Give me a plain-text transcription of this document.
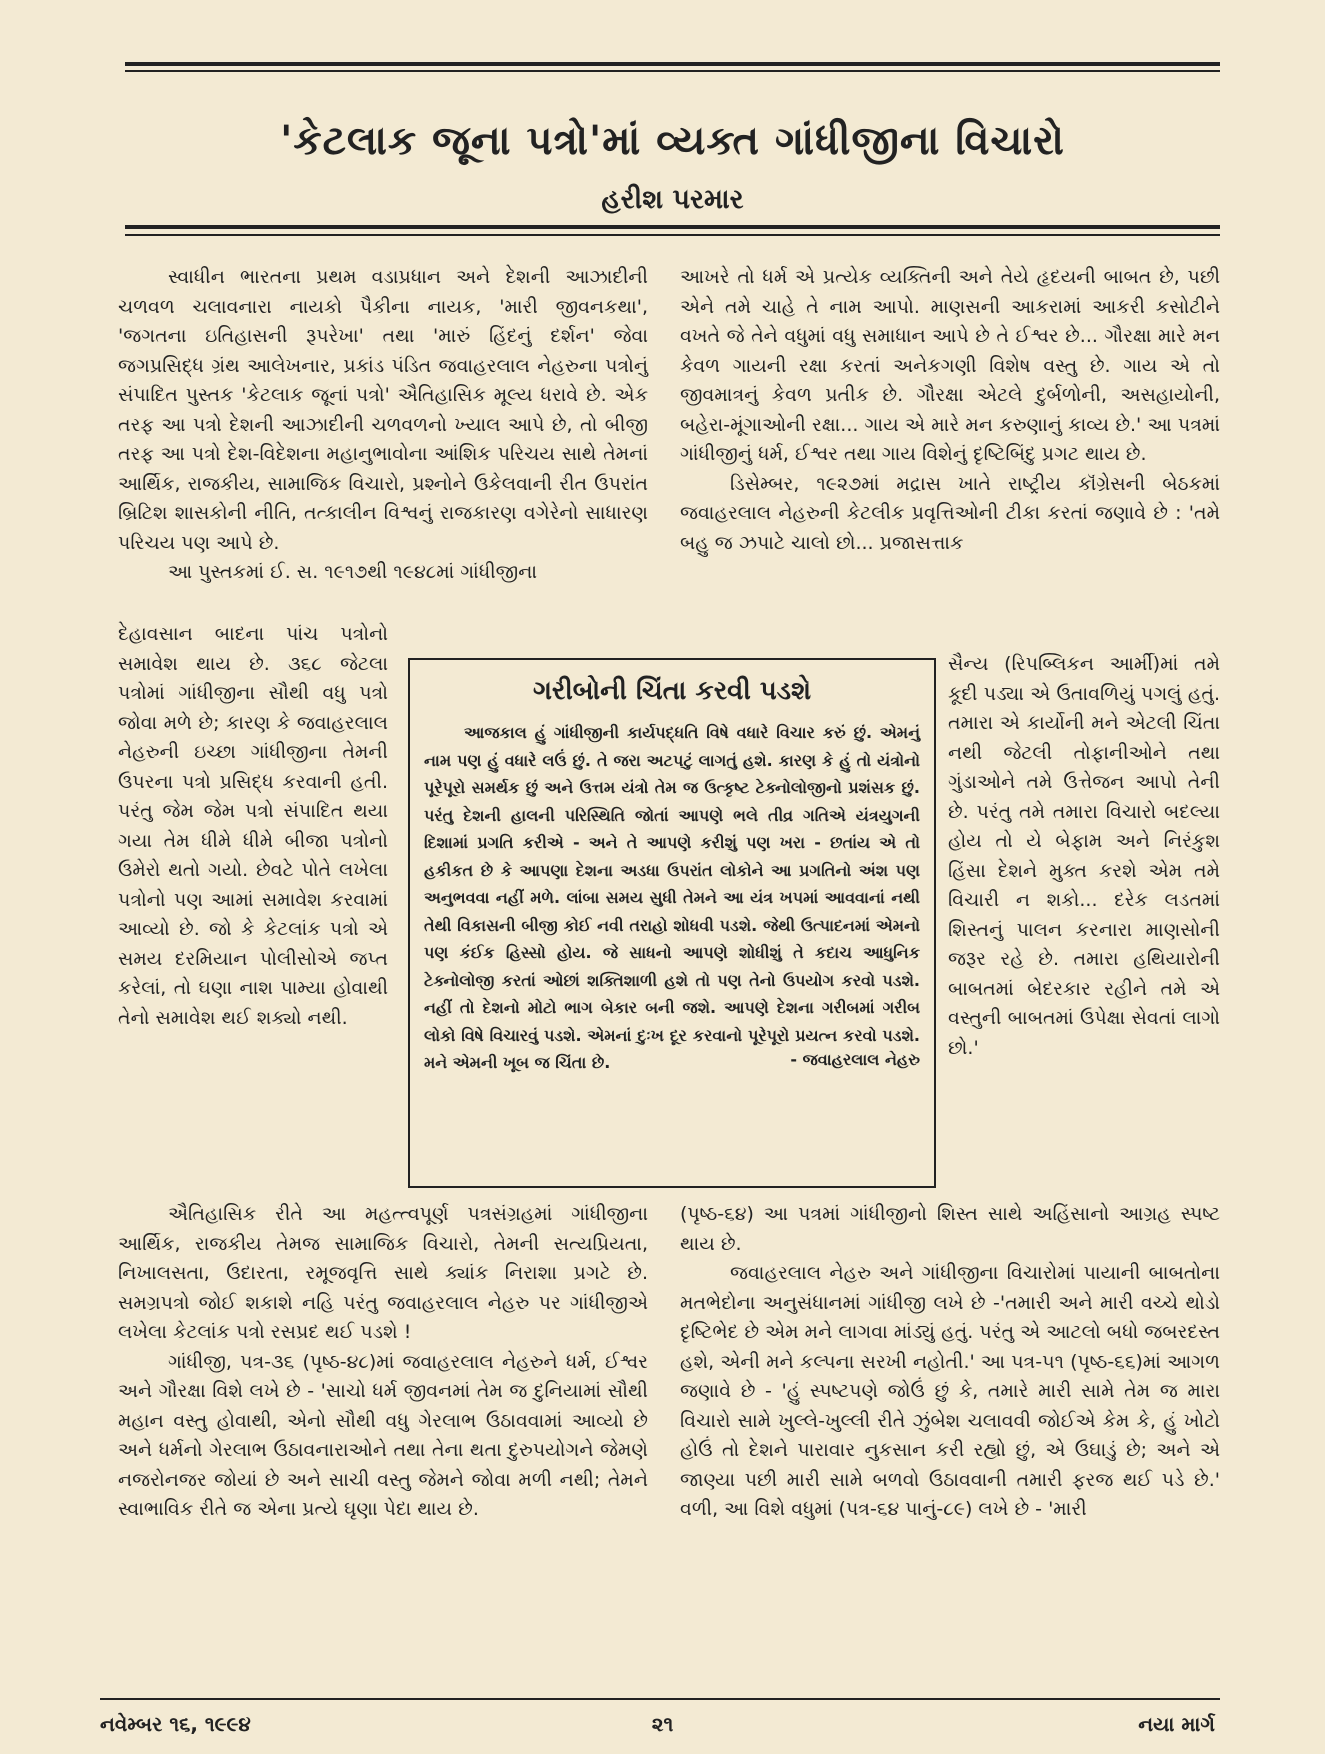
'કેટલાક જૂના પત્રો'માં વ્યક્ત ગાંધીજીના વિચારો
હરીશ પરમાર

સ્વાધીન ભારતના પ્રથમ વડાપ્રધાન અને દેશની આઝાદીની ચળવળ ચલાવનારા નાયકો પૈકીના નાયક, 'મારી જીવનકથા', 'જગતના ઇતિહાસની રૂપરેખા' તથા 'મારું હિંદનું દર્શન' જેવા જગપ્રસિદ્ધ ગ્રંથ આલેખનાર, પ્રકાંડ પંડિત જવાહરલાલ નેહરુના પત્રોનું સંપાદિત પુસ્તક 'કેટલાક જૂનાં પત્રો' ઐતિહાસિક મૂલ્ય ધરાવે છે. એક તરફ આ પત્રો દેશની આઝાદીની ચળવળનો ખ્યાલ આપે છે, તો બીજી તરફ આ પત્રો દેશ-વિદેશના મહાનુભાવોના આંશિક પરિચય સાથે તેમનાં આર્થિક, રાજકીય, સામાજિક વિચારો, પ્રશ્નોને ઉકેલવાની રીત ઉપરાંત બ્રિટિશ શાસકોની નીતિ, તત્કાલીન વિશ્વનું રાજકારણ વગેરેનો સાધારણ પરિચય પણ આપે છે.

આ પુસ્તકમાં ઈ. સ. ૧૯૧૭થી ૧૯૪૮માં ગાંધીજીના

દેહાવસાન બાદના પાંચ પત્રોનો સમાવેશ થાય છે. ૩૬૮ જેટલા પત્રોમાં ગાંધીજીના સૌથી વધુ પત્રો જોવા મળે છે; કારણ કે જવાહરલાલ નેહરુની ઇચ્છા ગાંધીજીના તેમની ઉપરના પત્રો પ્રસિદ્ધ કરવાની હતી. પરંતુ જેમ જેમ પત્રો સંપાદિત થયા ગયા તેમ ધીમે ધીમે બીજા પત્રોનો ઉમેરો થતો ગયો. છેવટે પોતે લખેલા પત્રોનો પણ આમાં સમાવેશ કરવામાં આવ્યો છે. જો કે કેટલાંક પત્રો એ સમય દરમિયાન પોલીસોએ જપ્ત કરેલાં, તો ઘણા નાશ પામ્યા હોવાથી તેનો સમાવેશ થઈ શક્યો નથી.

આખરે તો ધર્મ એ પ્રત્યેક વ્યક્તિની અને તેયે હૃદયની બાબત છે, પછી એને તમે ચાહે તે નામ આપો. માણસની આકરામાં આકરી કસોટીને વખતે જે તેને વધુમાં વધુ સમાધાન આપે છે તે ઈશ્વર છે... ગૌરક્ષા મારે મન કેવળ ગાયની રક્ષા કરતાં અનેકગણી વિશેષ વસ્તુ છે. ગાય એ તો જીવમાત્રનું કેવળ પ્રતીક છે. ગૌરક્ષા એટલે દુર્બળોની, અસહાયોની, બહેરા-મૂંગાઓની રક્ષા... ગાય એ મારે મન કરુણાનું કાવ્ય છે.' આ પત્રમાં ગાંધીજીનું ધર્મ, ઈશ્વર તથા ગાય વિશેનું દૃષ્ટિબિંદુ પ્રગટ થાય છે.

ડિસેમ્બર, ૧૯૨૭માં મદ્રાસ ખાતે રાષ્ટ્રીય કૉંગ્રેસની બેઠકમાં જવાહરલાલ નેહરુની કેટલીક પ્રવૃત્તિઓની ટીકા કરતાં જણાવે છે : 'તમે બહુ જ ઝપાટે ચાલો છો... પ્રજાસત્તાક

સૈન્ય (રિપબ્લિકન આર્મી)માં તમે કૂદી પડ્યા એ ઉતાવળિયું પગલું હતું. તમારા એ કાર્યોની મને એટલી ચિંતા નથી જેટલી તોફાનીઓને તથા ગુંડાઓને તમે ઉત્તેજન આપો તેની છે. પરંતુ તમે તમારા વિચારો બદલ્યા હોય તો યે બેફામ અને નિરંકુશ હિંસા દેશને મુક્ત કરશે એમ તમે વિચારી ન શકો... દરેક લડતમાં શિસ્તનું પાલન કરનારા માણસોની જરૂર રહે છે. તમારા હથિયારોની બાબતમાં બેદરકાર રહીને તમે એ વસ્તુની બાબતમાં ઉપેક્ષા સેવતાં લાગો છો.'

ગરીબોની ચિંતા કરવી પડશે

આજકાલ હું ગાંધીજીની કાર્યપદ્ધતિ વિષે વધારે વિચાર કરું છું. એમનું નામ પણ હું વધારે લઉં છું. તે જરા અટપટું લાગતું હશે. કારણ કે હું તો યંત્રોનો પૂરેપૂરો સમર્થક છું અને ઉત્તમ યંત્રો તેમ જ ઉત્કૃષ્ટ ટેક્નોલોજીનો પ્રશંસક છું. પરંતુ દેશની હાલની પરિસ્થિતિ જોતાં આપણે ભલે તીવ્ર ગતિએ યંત્રયુગની દિશામાં પ્રગતિ કરીએ - અને તે આપણે કરીશું પણ ખરા - છતાંય એ તો હકીકત છે કે આપણા દેશના અડધા ઉપરાંત લોકોને આ પ્રગતિનો અંશ પણ અનુભવવા નહીં મળે. લાંબા સમય સુધી તેમને આ યંત્ર ખપમાં આવવાનાં નથી તેથી વિકાસની બીજી કોઈ નવી તરાહો શોધવી પડશે. જેથી ઉત્પાદનમાં એમનો પણ કંઈક હિસ્સો હોય. જે સાધનો આપણે શોધીશું તે કદાચ આધુનિક ટેક્નોલોજી કરતાં ઓછાં શક્તિશાળી હશે તો પણ તેનો ઉપયોગ કરવો પડશે. નહીં તો દેશનો મોટો ભાગ બેકાર બની જશે. આપણે દેશના ગરીબમાં ગરીબ લોકો વિષે વિચારવું પડશે. એમનાં દુઃખ દૂર કરવાનો પૂરેપૂરો પ્રયત્ન કરવો પડશે. મને એમની ખૂબ જ ચિંતા છે.	- જવાહરલાલ નેહરુ

ઐતિહાસિક રીતે આ મહત્ત્વપૂર્ણ પત્રસંગ્રહમાં ગાંધીજીના આર્થિક, રાજકીય તેમજ સામાજિક વિચારો, તેમની સત્યપ્રિયતા, નિખાલસતા, ઉદારતા, રમૂજવૃત્તિ સાથે ક્યાંક નિરાશા પ્રગટે છે. સમગ્રપત્રો જોઈ શકાશે નહિ પરંતુ જવાહરલાલ નેહરુ પર ગાંધીજીએ લખેલા કેટલાંક પત્રો રસપ્રદ થઈ પડશે !

ગાંધીજી, પત્ર-૩૬ (પૃષ્ઠ-૪૮)માં જવાહરલાલ નેહરુને ધર્મ, ઈશ્વર અને ગૌરક્ષા વિશે લખે છે - 'સાચો ધર્મ જીવનમાં તેમ જ દુનિયામાં સૌથી મહાન વસ્તુ હોવાથી, એનો સૌથી વધુ ગેરલાભ ઉઠાવવામાં આવ્યો છે અને ધર્મનો ગેરલાભ ઉઠાવનારાઓને તથા તેના થતા દુરુપયોગને જેમણે નજરોનજર જોયાં છે અને સાચી વસ્તુ જેમને જોવા મળી નથી; તેમને સ્વાભાવિક રીતે જ એના પ્રત્યે ઘૃણા પેદા થાય છે.

(પૃષ્ઠ-૬૪) આ પત્રમાં ગાંધીજીનો શિસ્ત સાથે અહિંસાનો આગ્રહ સ્પષ્ટ થાય છે.

જવાહરલાલ નેહરુ અને ગાંધીજીના વિચારોમાં પાયાની બાબતોના મતભેદોના અનુસંધાનમાં ગાંધીજી લખે છે -'તમારી અને મારી વચ્ચે થોડો દૃષ્ટિભેદ છે એમ મને લાગવા માંડ્યું હતું. પરંતુ એ આટલો બધો જબરદસ્ત હશે, એની મને કલ્પના સરખી નહોતી.' આ પત્ર-૫૧ (પૃષ્ઠ-૬૬)માં આગળ જણાવે છે - 'હું સ્પષ્ટપણે જોઉં છું કે, તમારે મારી સામે તેમ જ મારા વિચારો સામે ખુલ્લે-ખુલ્લી રીતે ઝુંબેશ ચલાવવી જોઈએ કેમ કે, હું ખોટો હોઉં તો દેશને પારાવાર નુકસાન કરી રહ્યો છું, એ ઉઘાડું છે; અને એ જાણ્યા પછી મારી સામે બળવો ઉઠાવવાની તમારી ફરજ થઈ પડે છે.' વળી, આ વિશે વધુમાં (પત્ર-૬૪ પાનું-૮૯) લખે છે - 'મારી

નવેમ્બર ૧૬, ૧૯૯૪	૨૧	નયા માર્ગ
